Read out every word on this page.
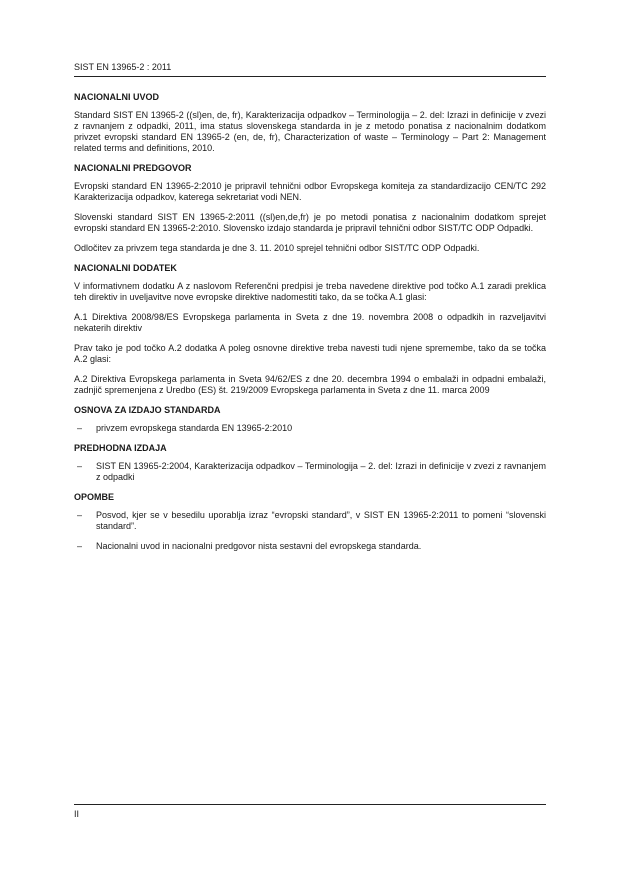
SIST EN 13965-2 : 2011
NACIONALNI UVOD

Standard SIST EN 13965-2 ((sl)en, de, fr), Karakterizacija odpadkov – Terminologija – 2. del: Izrazi in definicije v zvezi z ravnanjem z odpadki, 2011, ima status slovenskega standarda in je z metodo ponatisa z nacionalnim dodatkom privzet evropski standard EN 13965-2 (en, de, fr), Characterization of waste – Terminology – Part 2: Management related terms and definitions, 2010.

NACIONALNI PREDGOVOR

Evropski standard EN 13965-2:2010 je pripravil tehnični odbor Evropskega komiteja za standardizacijo CEN/TC 292 Karakterizacija odpadkov, katerega sekretariat vodi NEN.

Slovenski standard SIST EN 13965-2:2011 ((sl)en,de,fr) je po metodi ponatisa z nacionalnim dodatkom sprejet evropski standard EN 13965-2:2010. Slovensko izdajo standarda je pripravil tehnični odbor SIST/TC ODP Odpadki.

Odločitev za privzem tega standarda je dne 3. 11. 2010 sprejel tehnični odbor SIST/TC ODP Odpadki.

NACIONALNI DODATEK

V informativnem dodatku A z naslovom Referenčni predpisi je treba navedene direktive pod točko A.1 zaradi preklica teh direktiv in uveljavitve nove evropske direktive nadomestiti tako, da se točka A.1 glasi:

A.1 Direktiva 2008/98/ES Evropskega parlamenta in Sveta z dne 19. novembra 2008 o odpadkih in razveljavitvi nekaterih direktiv

Prav tako je pod točko A.2 dodatka A poleg osnovne direktive treba navesti tudi njene spremembe, tako da se točka A.2 glasi:

A.2 Direktiva Evropskega parlamenta in Sveta 94/62/ES z dne 20. decembra 1994 o embalaži in odpadni embalaži, zadnjič spremenjena z Uredbo (ES) št. 219/2009 Evropskega parlamenta in Sveta z dne 11. marca 2009

OSNOVA ZA IZDAJO STANDARDA
– privzem evropskega standarda EN 13965-2:2010
PREDHODNA IZDAJA
– SIST EN 13965-2:2004, Karakterizacija odpadkov – Terminologija – 2. del: Izrazi in definicije v zvezi z ravnanjem z odpadki
OPOMBE
– Posvod, kjer se v besedilu uporablja izraz “evropski standard”, v SIST EN 13965-2:2011 to pomeni “slovenski standard”.
– Nacionalni uvod in nacionalni predgovor nista sestavni del evropskega standarda.
II
